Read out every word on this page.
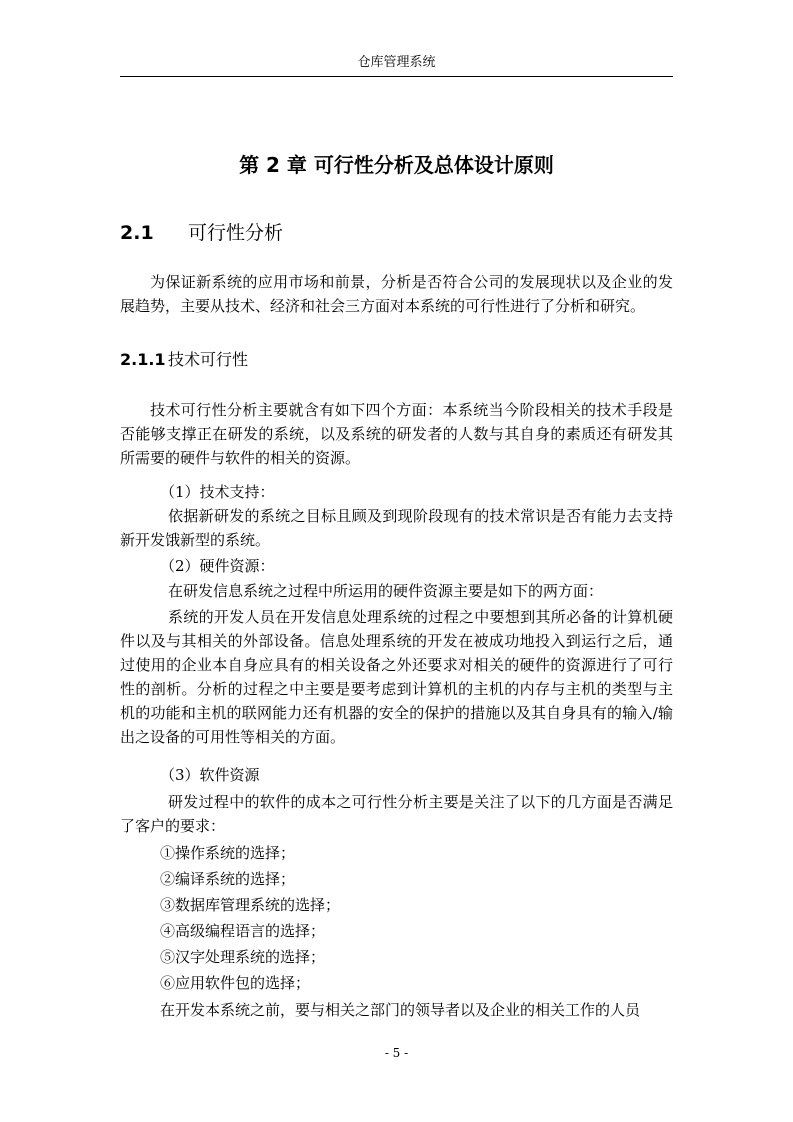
仓库管理系统
第 2 章 可行性分析及总体设计原则
2.1 可行性分析
为保证新系统的应用市场和前景，分析是否符合公司的发展现状以及企业的发展趋势，主要从技术、经济和社会三方面对本系统的可行性进行了分析和研究。
2.1.1 技术可行性
技术可行性分析主要就含有如下四个方面：本系统当今阶段相关的技术手段是否能够支撑正在研发的系统，以及系统的研发者的人数与其自身的素质还有研发其所需要的硬件与软件的相关的资源。
（1）技术支持：
依据新研发的系统之目标且顾及到现阶段现有的技术常识是否有能力去支持新开发饿新型的系统。
（2）硬件资源：
在研发信息系统之过程中所运用的硬件资源主要是如下的两方面：
系统的开发人员在开发信息处理系统的过程之中要想到其所必备的计算机硬件以及与其相关的外部设备。信息处理系统的开发在被成功地投入到运行之后，通过使用的企业本自身应具有的相关设备之外还要求对相关的硬件的资源进行了可行性的剖析。分析的过程之中主要是要考虑到计算机的主机的内存与主机的类型与主机的功能和主机的联网能力还有机器的安全的保护的措施以及其自身具有的输入/输出之设备的可用性等相关的方面。
（3）软件资源
研发过程中的软件的成本之可行性分析主要是关注了以下的几方面是否满足了客户的要求：
①操作系统的选择；
②编译系统的选择；
③数据库管理系统的选择；
④高级编程语言的选择；
⑤汉字处理系统的选择；
⑥应用软件包的选择；
在开发本系统之前，要与相关之部门的领导者以及企业的相关工作的人员
- 5 -
